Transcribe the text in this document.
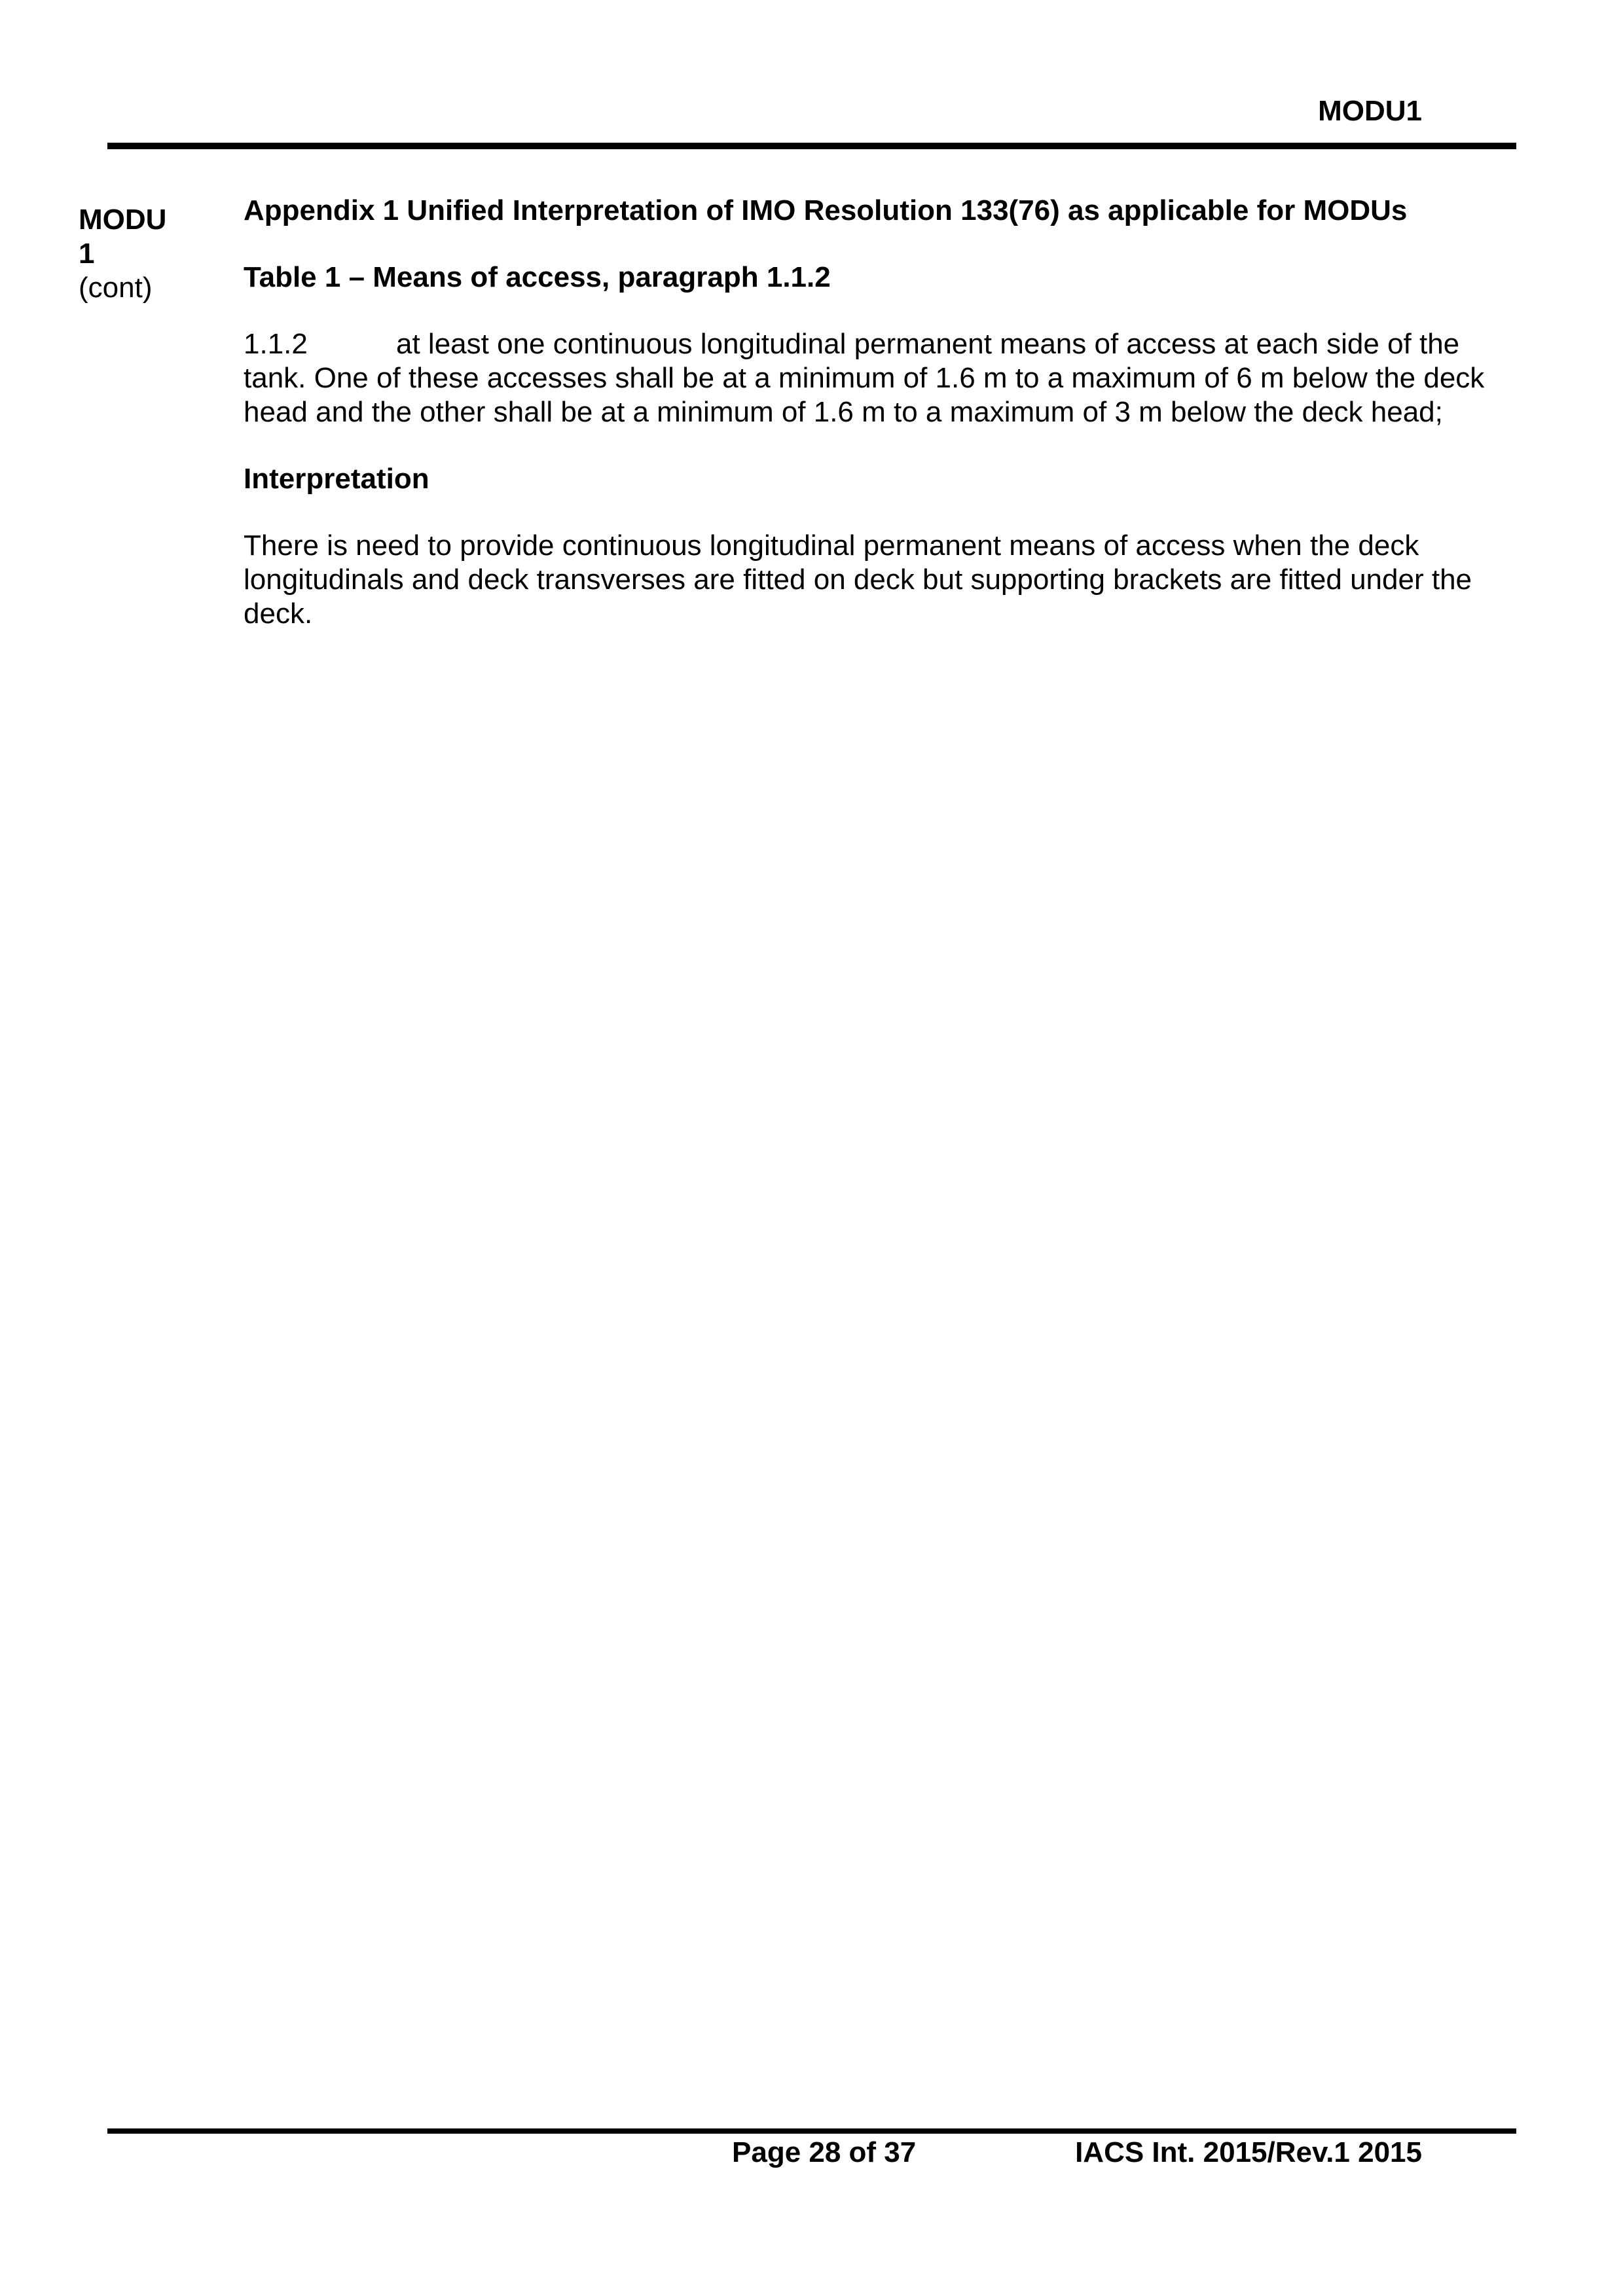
MODU1
MODU
1
(cont)

Appendix 1 Unified Interpretation of IMO Resolution 133(76) as applicable for MODUs

Table 1 – Means of access, paragraph 1.1.2

1.1.2	at least one continuous longitudinal permanent means of access at each side of the tank. One of these accesses shall be at a minimum of 1.6 m to a maximum of 6 m below the deck head and the other shall be at a minimum of 1.6 m to a maximum of 3 m below the deck head;

Interpretation

There is need to provide continuous longitudinal permanent means of access when the deck longitudinals and deck transverses are fitted on deck but supporting brackets are fitted under the deck.

Page 28 of 37	IACS Int. 2015/Rev.1 2015
